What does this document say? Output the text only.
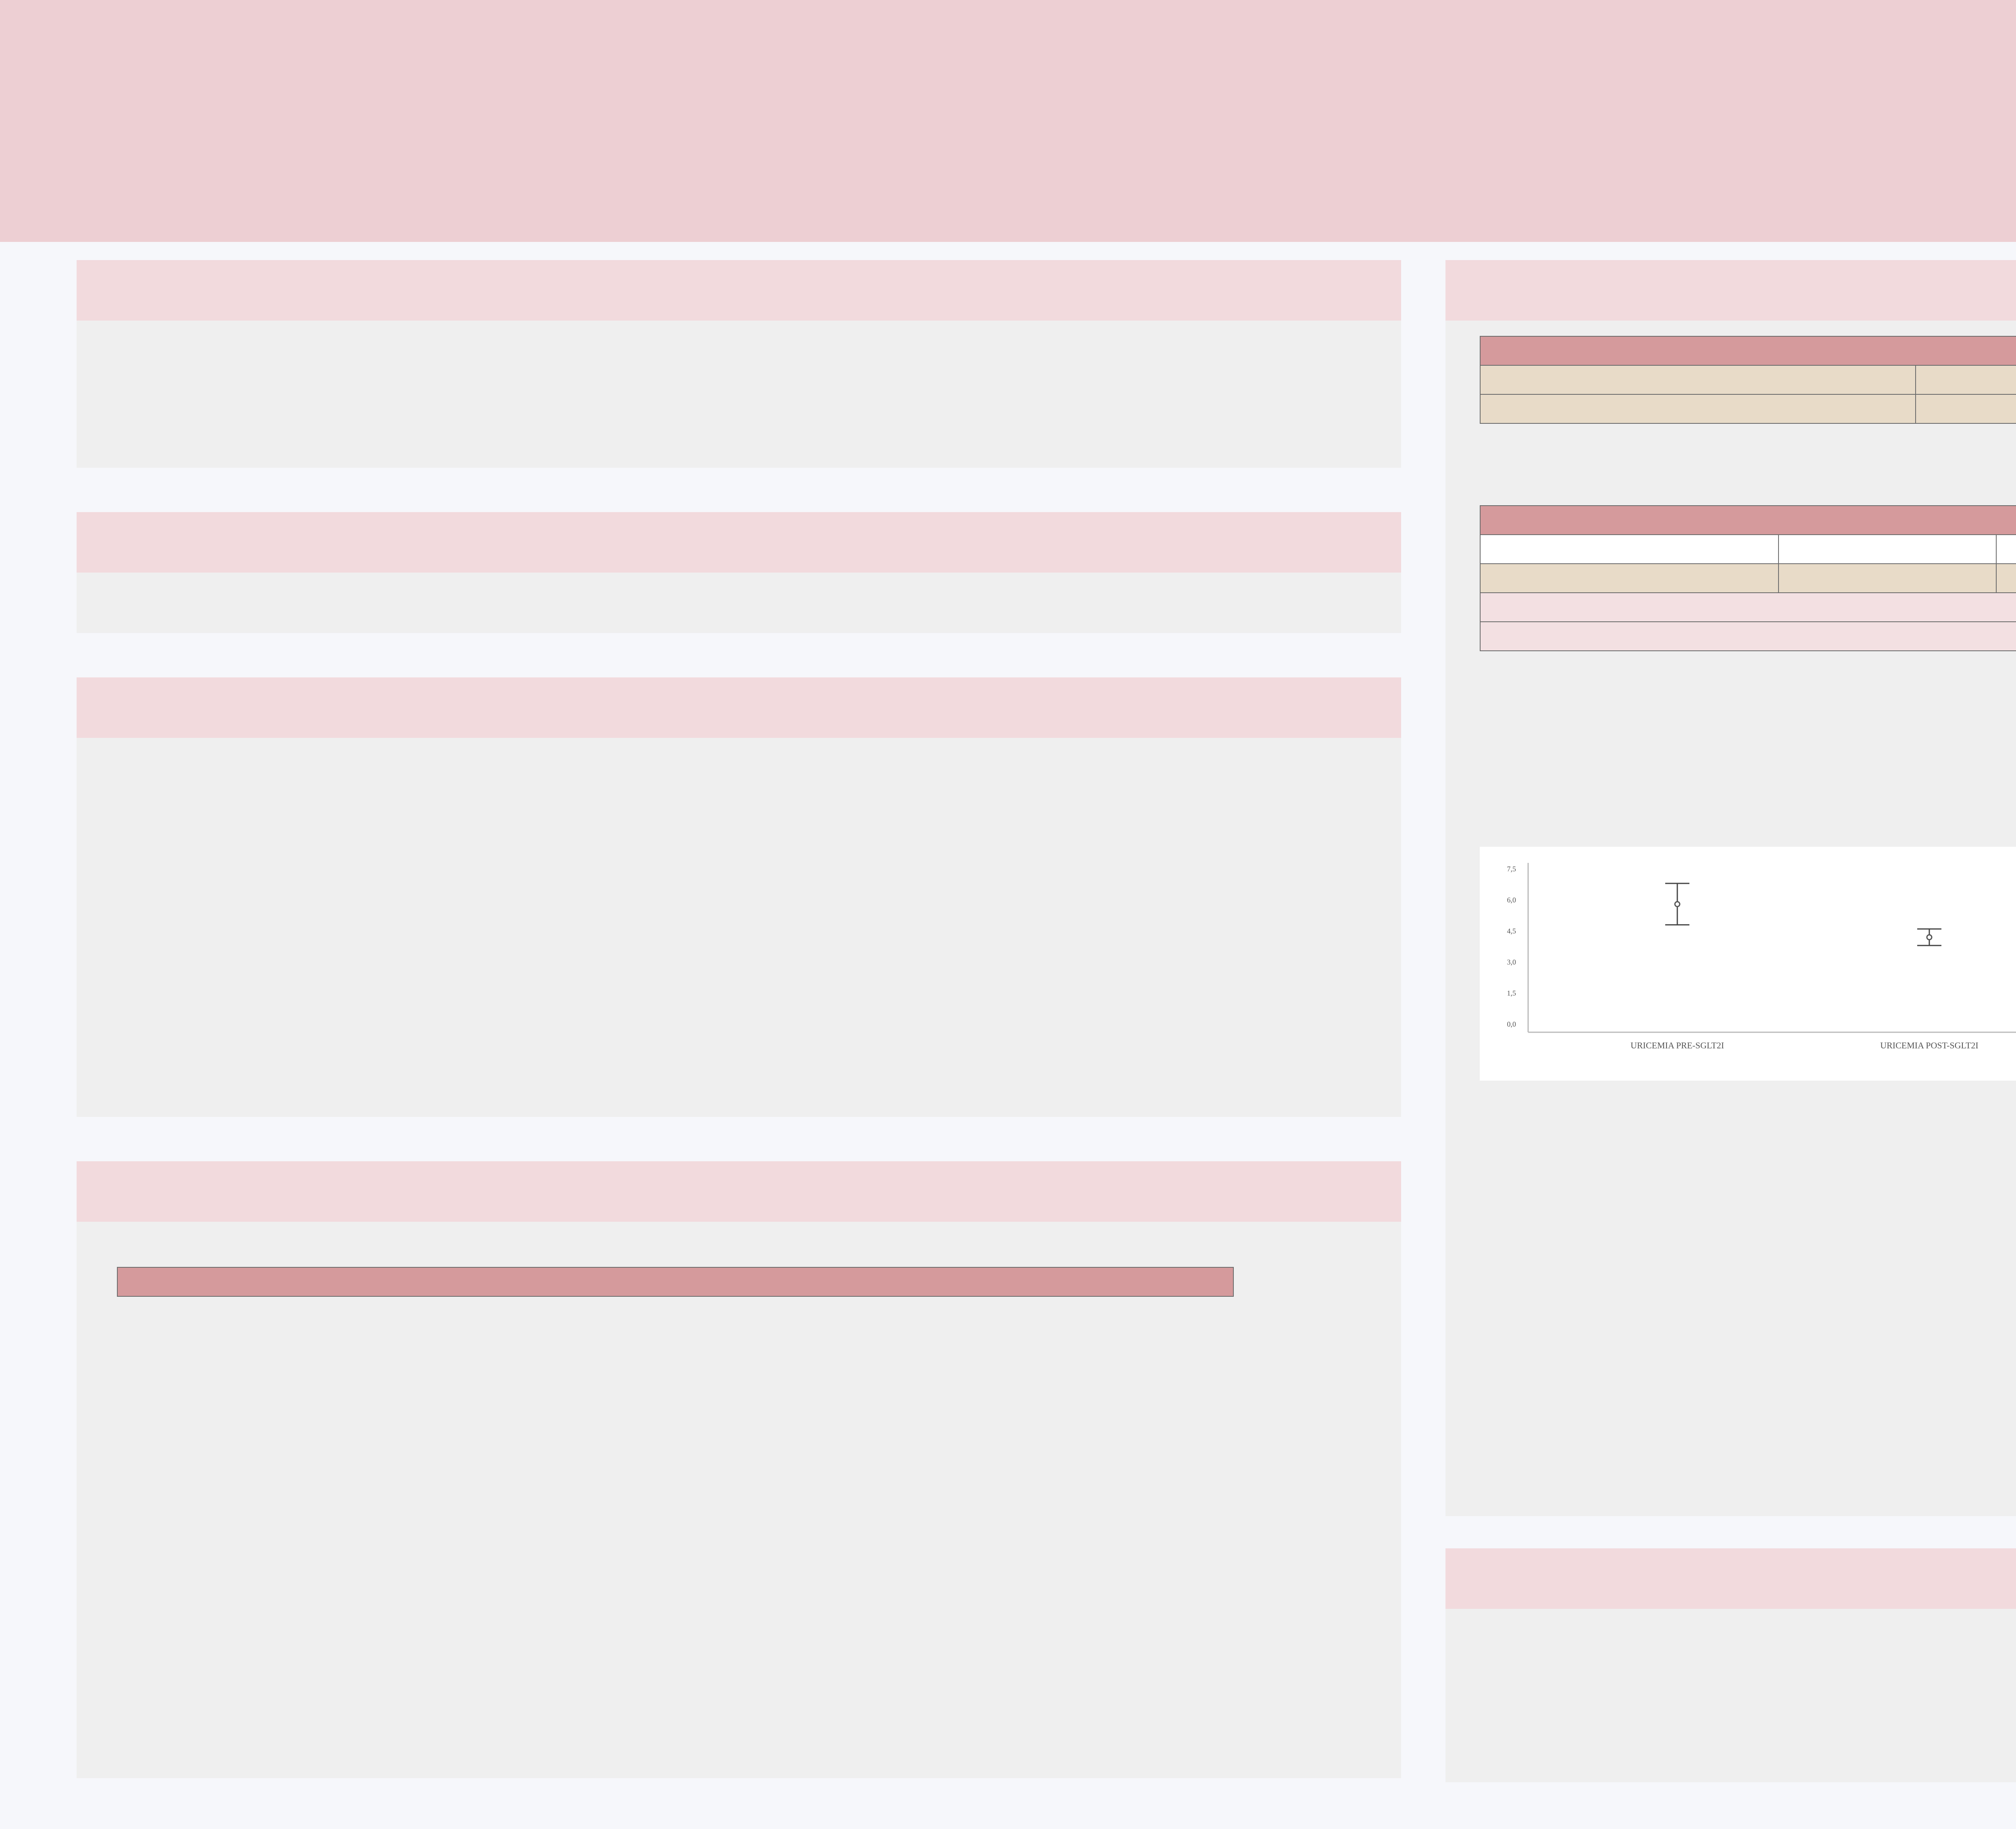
7,5
6,0
4,5
3,0
1,5
0,0
URICEMIA PRE-SGLT2I	URICEMIA POST-SGLT2I
